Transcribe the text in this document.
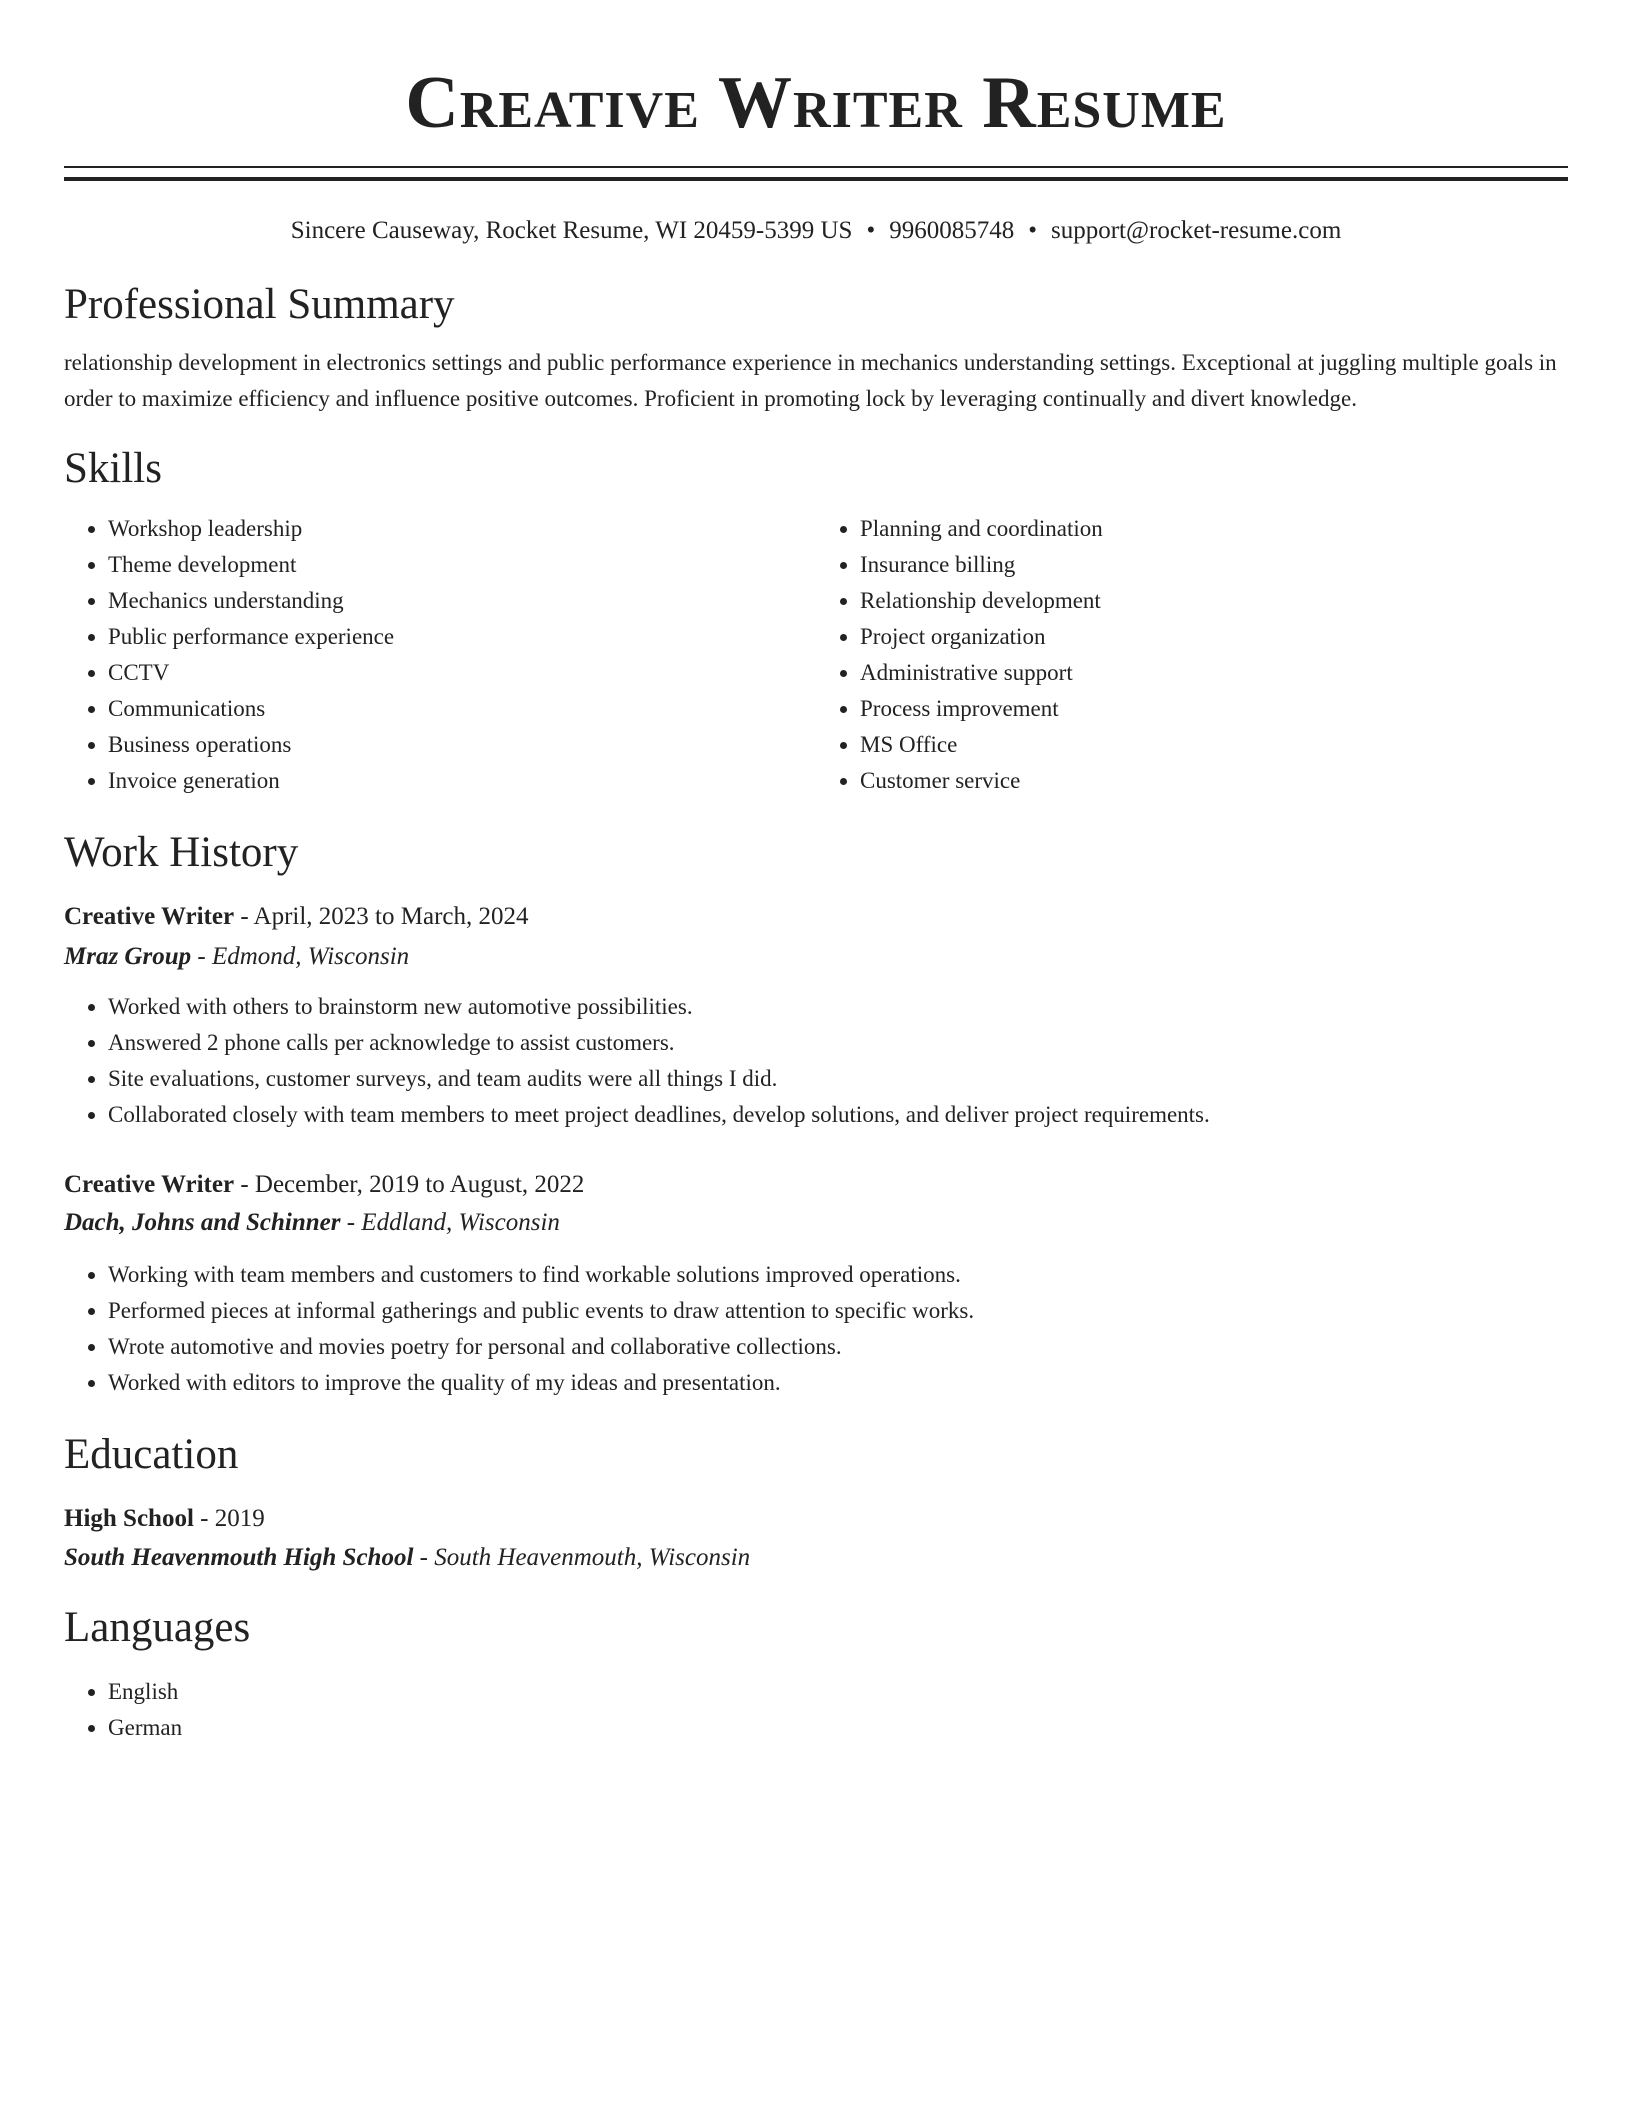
Creative Writer Resume
Sincere Causeway, Rocket Resume, WI 20459-5399 US • 9960085748 • support@rocket-resume.com
Professional Summary
relationship development in electronics settings and public performance experience in mechanics understanding settings. Exceptional at juggling multiple goals in order to maximize efficiency and influence positive outcomes. Proficient in promoting lock by leveraging continually and divert knowledge.
Skills
• Workshop leadership
• Theme development
• Mechanics understanding
• Public performance experience
• CCTV
• Communications
• Business operations
• Invoice generation
• Planning and coordination
• Insurance billing
• Relationship development
• Project organization
• Administrative support
• Process improvement
• MS Office
• Customer service
Work History
Creative Writer - April, 2023 to March, 2024
Mraz Group - Edmond, Wisconsin
• Worked with others to brainstorm new automotive possibilities.
• Answered 2 phone calls per acknowledge to assist customers.
• Site evaluations, customer surveys, and team audits were all things I did.
• Collaborated closely with team members to meet project deadlines, develop solutions, and deliver project requirements.
Creative Writer - December, 2019 to August, 2022
Dach, Johns and Schinner - Eddland, Wisconsin
• Working with team members and customers to find workable solutions improved operations.
• Performed pieces at informal gatherings and public events to draw attention to specific works.
• Wrote automotive and movies poetry for personal and collaborative collections.
• Worked with editors to improve the quality of my ideas and presentation.
Education
High School - 2019
South Heavenmouth High School - South Heavenmouth, Wisconsin
Languages
• English
• German
